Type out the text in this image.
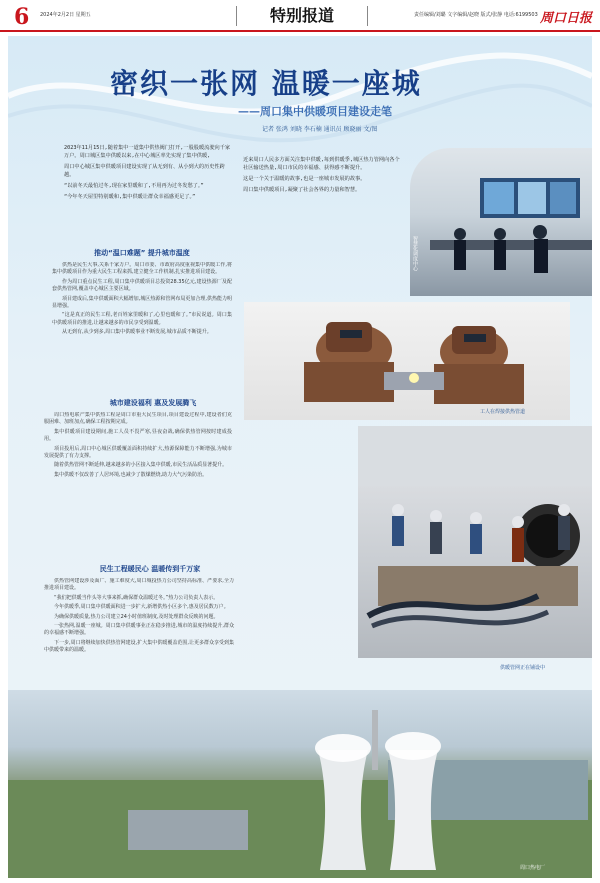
6 2024年2月2日 星期五	特别报道	责任编辑/刘璐 文字编辑/赵晓 版式/张静 电话:6199503 周口日报
密织一张网 温暖一座城
——周口集中供暖项目建设走笔
记者 张鸿 刘晓 李石楠 通讯员 顾晓丽 文/图
2023年11月15日,随着集中一道集中供热阀门打开,一股股暖流驶向千家万户。周口城区集中供暖以来,在中心城区率先实现了集中供暖,
周口中心城区集中供暖项目建设实现了从无到有、从小到大的历史性跨越。
“以前冬天最怕过冬,现在家里暖和了,不用再为过冬发愁了。”
“今年冬天屋里特别暖和,集中供暖让群众幸福感更足了。”
近来周口人民多方面关注集中供暖,每到供暖季,城区热力管网向各个社区输送热量,周口市民的幸福感、获得感不断提升。
这是一个关于温暖的故事,也是一座城市发展的故事。
周口集中供暖项目,凝聚了社会各界的力量和智慧。
推动“温口难题” 提升城市温度

供热是民生大事,关系千家万户。周口市委、市政府高度重视集中供暖工作,将集中供暖项目作为重大民生工程来抓,建立健全工作机制,扎实推进项目建设。

作为周口重点民生工程,周口集中供暖项目总投资28.35亿元,建设热源厂及配套供热管网,覆盖中心城区主要区域。

项目建成后,集中供暖面积大幅增加,城区热源和管网布局更加合理,供热能力明显增强。

“这是真正的民生工程,老百姓家里暖和了,心里也暖和了。”市民说道。周口集中供暖项目的推进,让越来越多的市民享受到温暖。

从无到有,从少到多,周口集中供暖事业不断发展,城市品质不断提升。

城市建设福利 惠及发展腾飞

周口热电联产集中供热工程是周口市重大民生项目,项目建设过程中,建设者们克服困难、加班加点,确保工程按期完成。

集中供暖项目建设期间,施工人员不畏严寒,昼夜奋战,确保供热管网按时建成投用。

项目投用后,周口中心城区供暖覆盖面积持续扩大,热源保障能力不断增强,为城市发展提供了有力支撑。

随着供热管网不断延伸,越来越多的小区接入集中供暖,市民生活品质显著提升。

集中供暖不仅改善了人居环境,也减少了散煤燃烧,助力大气污染防治。

民生工程暖民心 温暖传到千万家

供热管网建设涉及面广、施工难度大,周口城投热力公司坚持高标准、严要求,全力推进项目建设。

“我们把供暖当作头等大事来抓,确保群众温暖过冬。”热力公司负责人表示。

今年供暖季,周口集中供暖面积进一步扩大,新增供热小区多个,惠及居民数万户。

为确保供暖质量,热力公司建立24小时值班制度,及时处理群众反映的问题。

一张热网,温暖一座城。周口集中供暖事业正在稳步推进,城市的温度持续提升,群众的幸福感不断增强。

下一步,周口将继续加快供热管网建设,扩大集中供暖覆盖范围,让更多群众享受到集中供暖带来的温暖。

智慧化调度中心
工人在焊接供热管道
供暖管网正在铺设中
周口热电厂
